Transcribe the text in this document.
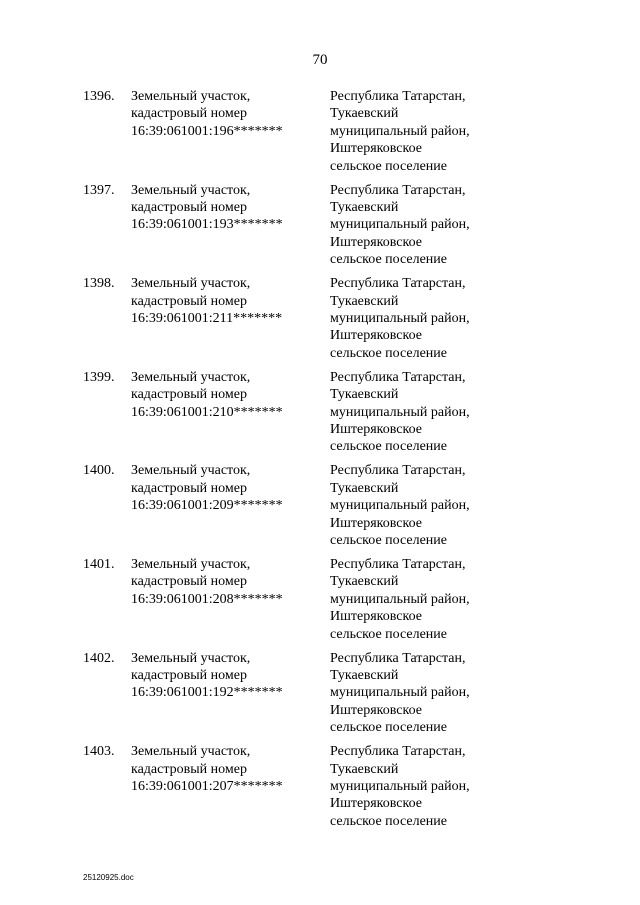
70
1396. Земельный участок,
кадастровый номер
16:39:061001:196*******
Республика Татарстан,
Тукаевский
муниципальный район,
Иштеряковское
сельское поселение
1397. Земельный участок,
кадастровый номер
16:39:061001:193*******
Республика Татарстан,
Тукаевский
муниципальный район,
Иштеряковское
сельское поселение
1398. Земельный участок,
кадастровый номер
16:39:061001:211*******
Республика Татарстан,
Тукаевский
муниципальный район,
Иштеряковское
сельское поселение
1399. Земельный участок,
кадастровый номер
16:39:061001:210*******
Республика Татарстан,
Тукаевский
муниципальный район,
Иштеряковское
сельское поселение
1400. Земельный участок,
кадастровый номер
16:39:061001:209*******
Республика Татарстан,
Тукаевский
муниципальный район,
Иштеряковское
сельское поселение
1401. Земельный участок,
кадастровый номер
16:39:061001:208*******
Республика Татарстан,
Тукаевский
муниципальный район,
Иштеряковское
сельское поселение
1402. Земельный участок,
кадастровый номер
16:39:061001:192*******
Республика Татарстан,
Тукаевский
муниципальный район,
Иштеряковское
сельское поселение
1403. Земельный участок,
кадастровый номер
16:39:061001:207*******
Республика Татарстан,
Тукаевский
муниципальный район,
Иштеряковское
сельское поселение
25120925.doc
